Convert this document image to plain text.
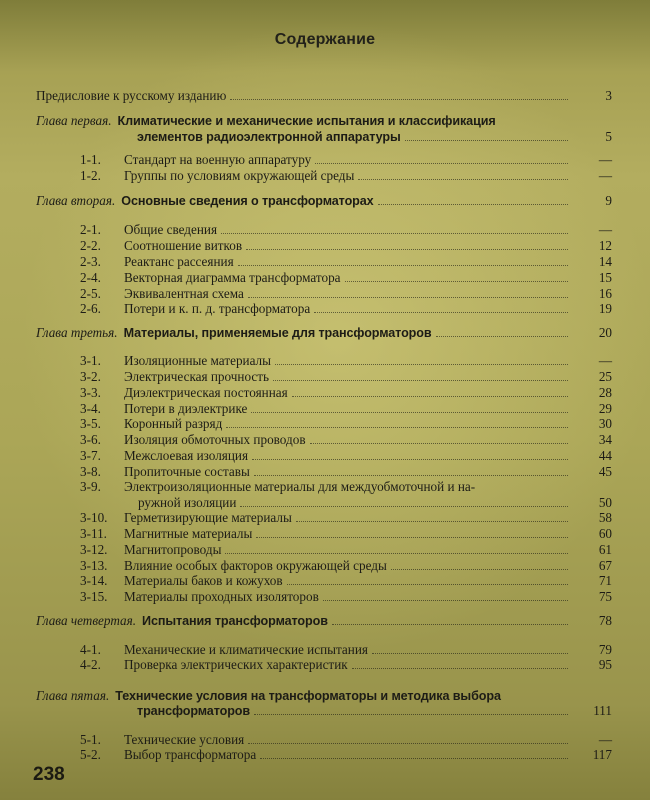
Содержание
Предисловие к русскому изданию	3
Глава первая. Климатические и механические испытания и классификация
элементов радиоэлектронной аппаратуры	5
1-1.	Стандарт на военную аппаратуру	—
1-2.	Группы по условиям окружающей среды	—
Глава вторая. Основные сведения о трансформаторах	9
2-1.	Общие сведения	—
2-2.	Соотношение витков	12
2-3.	Реактанс рассеяния	14
2-4.	Векторная диаграмма трансформатора	15
2-5.	Эквивалентная схема	16
2-6.	Потери и к. п. д. трансформатора	19
Глава третья. Материалы, применяемые для трансформаторов	20
3-1.	Изоляционные материалы	—
3-2.	Электрическая прочность	25
3-3.	Диэлектрическая постоянная	28
3-4.	Потери в диэлектрике	29
3-5.	Коронный разряд	30
3-6.	Изоляция обмоточных проводов	34
3-7.	Межслоевая изоляция	44
3-8.	Пропиточные составы	45
3-9.	Электроизоляционные материалы для междуобмоточной и на-
ружной изоляции	50
3-10.	Герметизирующие материалы	58
3-11.	Магнитные материалы	60
3-12.	Магнитопроводы	61
3-13.	Влияние особых факторов окружающей среды	67
3-14.	Материалы баков и кожухов	71
3-15.	Материалы проходных изоляторов	75
Глава четвертая. Испытания трансформаторов	78
4-1.	Механические и климатические испытания	79
4-2.	Проверка электрических характеристик	95
Глава пятая. Технические условия на трансформаторы и методика выбора
трансформаторов	111
5-1.	Технические условия	—
5-2.	Выбор трансформатора	117
238
